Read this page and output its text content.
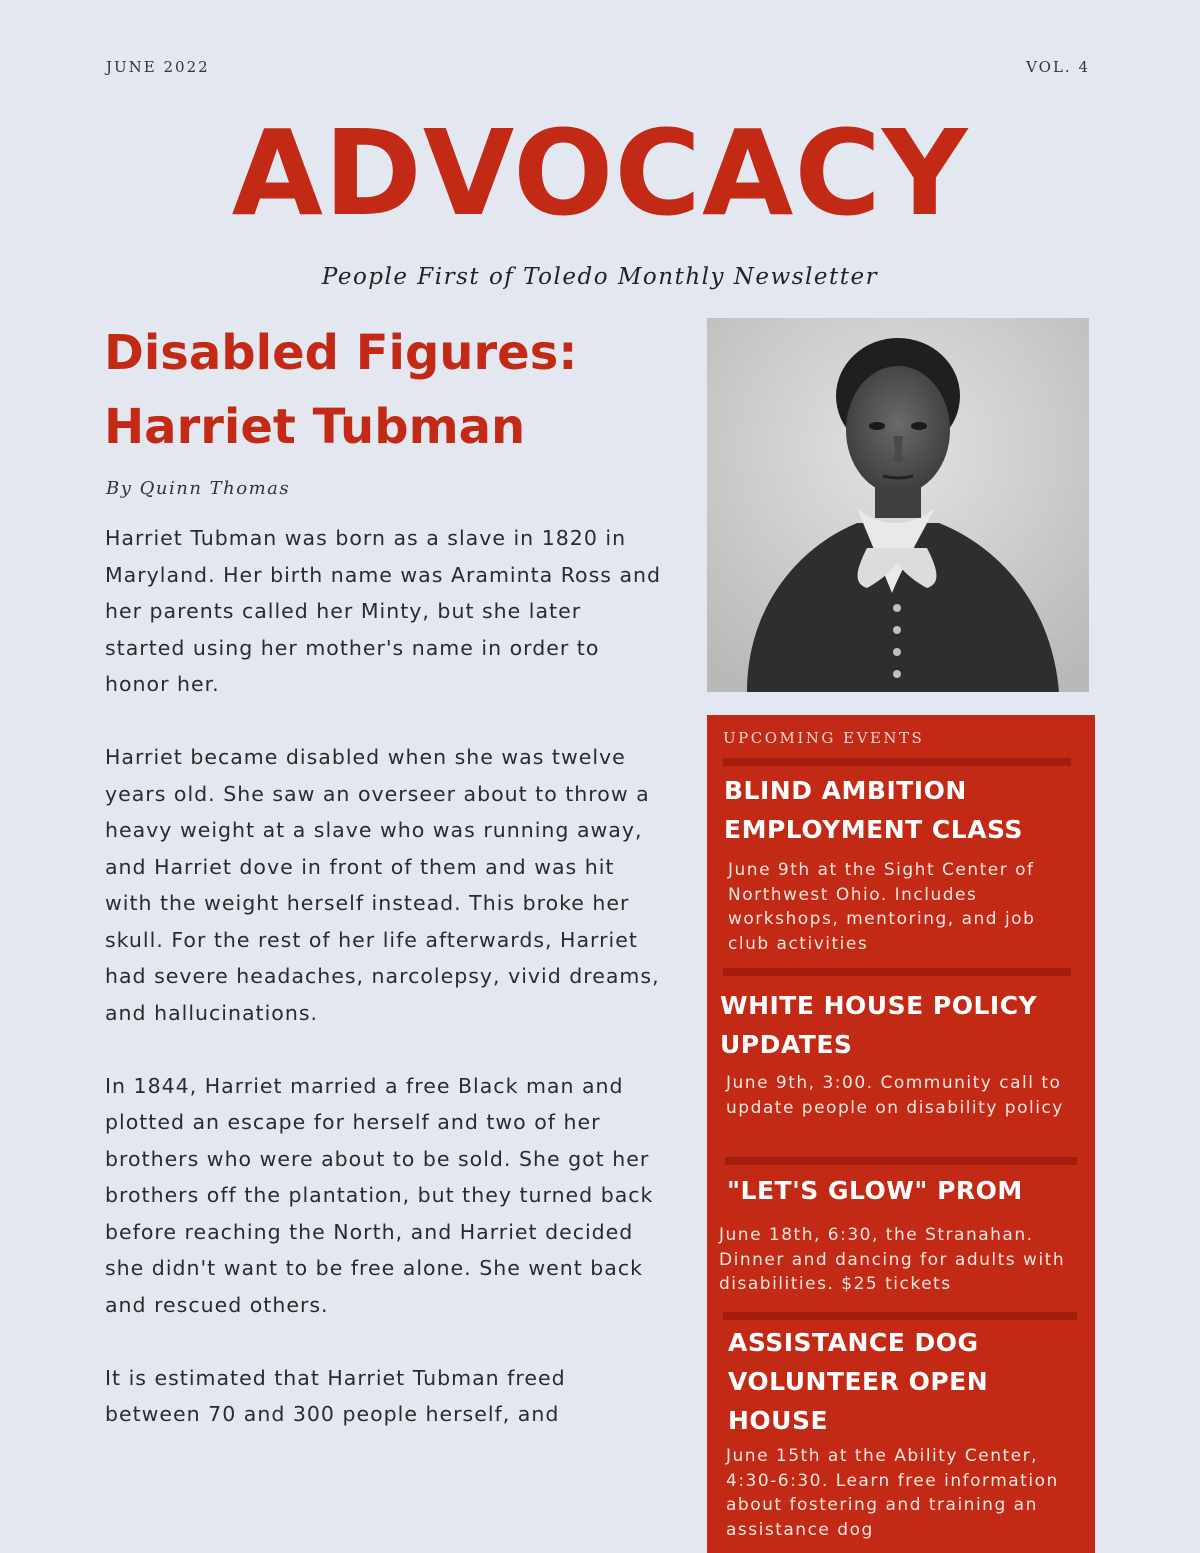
JUNE 2022	VOL. 4
ADVOCACY
People First of Toledo Monthly Newsletter
Disabled Figures:
Harriet Tubman
By Quinn Thomas

Harriet Tubman was born as a slave in 1820 in Maryland. Her birth name was Araminta Ross and her parents called her Minty, but she later started using her mother's name in order to honor her.

Harriet became disabled when she was twelve years old. She saw an overseer about to throw a heavy weight at a slave who was running away, and Harriet dove in front of them and was hit with the weight herself instead. This broke her skull. For the rest of her life afterwards, Harriet had severe headaches, narcolepsy, vivid dreams, and hallucinations.

In 1844, Harriet married a free Black man and plotted an escape for herself and two of her brothers who were about to be sold. She got her brothers off the plantation, but they turned back before reaching the North, and Harriet decided she didn't want to be free alone. She went back and rescued others.

It is estimated that Harriet Tubman freed between 70 and 300 people herself, and

UPCOMING EVENTS
BLIND AMBITION EMPLOYMENT CLASS
June 9th at the Sight Center of Northwest Ohio. Includes workshops, mentoring, and job club activities
WHITE HOUSE POLICY UPDATES
June 9th, 3:00. Community call to update people on disability policy
"LET'S GLOW" PROM
June 18th, 6:30, the Stranahan. Dinner and dancing for adults with disabilities. $25 tickets
ASSISTANCE DOG VOLUNTEER OPEN HOUSE
June 15th at the Ability Center, 4:30-6:30. Learn free information about fostering and training an assistance dog
